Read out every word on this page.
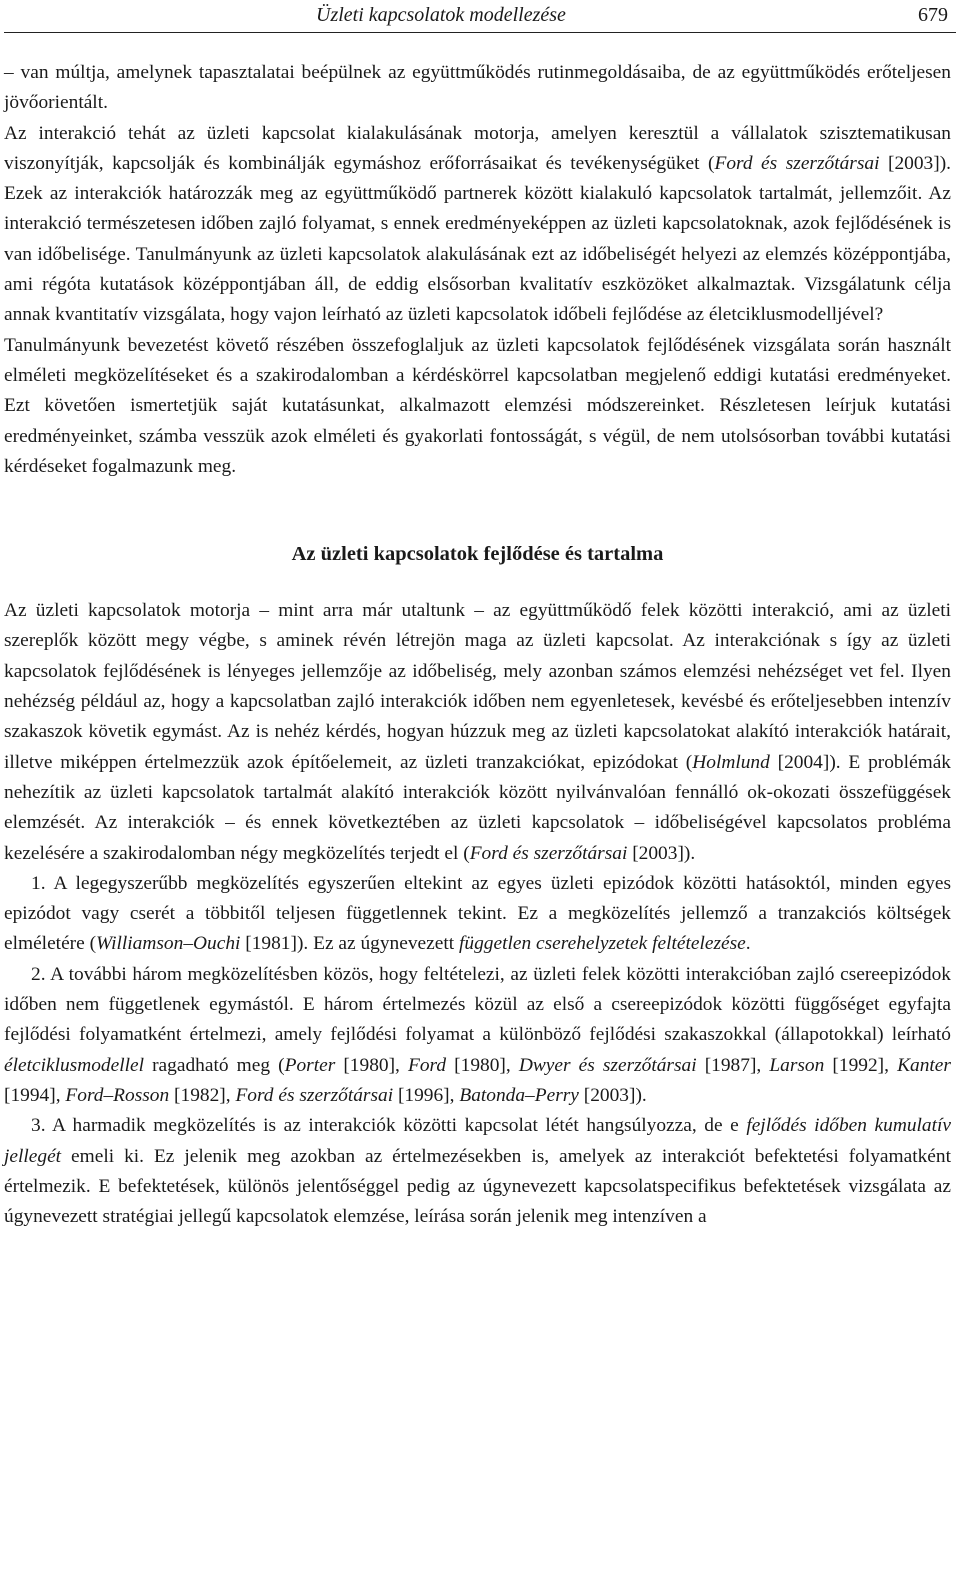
Üzleti kapcsolatok modellezése	679

– van múltja, amelynek tapasztalatai beépülnek az együttműködés rutinmegoldásaiba, de az együttműködés erőteljesen jövőorientált.

Az interakció tehát az üzleti kapcsolat kialakulásának motorja, amelyen keresztül a vállalatok szisztematikusan viszonyítják, kapcsolják és kombinálják egymáshoz erőforrásaikat és tevékenységüket (Ford és szerzőtársai [2003]). Ezek az interakciók határozzák meg az együttműködő partnerek között kialakuló kapcsolatok tartalmát, jellemzőit. Az interakció természetesen időben zajló folyamat, s ennek eredményeképpen az üzleti kapcsolatoknak, azok fejlődésének is van időbelisége. Tanulmányunk az üzleti kapcsolatok alakulásának ezt az időbeliségét helyezi az elemzés középpontjába, ami régóta kutatások középpontjában áll, de eddig elsősorban kvalitatív eszközöket alkalmaztak. Vizsgálatunk célja annak kvantitatív vizsgálata, hogy vajon leírható az üzleti kapcsolatok időbeli fejlődése az életciklusmodelljével?

Tanulmányunk bevezetést követő részében összefoglaljuk az üzleti kapcsolatok fejlődésének vizsgálata során használt elméleti megközelítéseket és a szakirodalomban a kérdéskörrel kapcsolatban megjelenő eddigi kutatási eredményeket. Ezt követően ismertetjük saját kutatásunkat, alkalmazott elemzési módszereinket. Részletesen leírjuk kutatási eredményeinket, számba vesszük azok elméleti és gyakorlati fontosságát, s végül, de nem utolsósorban további kutatási kérdéseket fogalmazunk meg.

Az üzleti kapcsolatok fejlődése és tartalma

Az üzleti kapcsolatok motorja – mint arra már utaltunk – az együttműködő felek közötti interakció, ami az üzleti szereplők között megy végbe, s aminek révén létrejön maga az üzleti kapcsolat. Az interakciónak s így az üzleti kapcsolatok fejlődésének is lényeges jellemzője az időbeliség, mely azonban számos elemzési nehézséget vet fel. Ilyen nehézség például az, hogy a kapcsolatban zajló interakciók időben nem egyenletesek, kevésbé és erőteljesebben intenzív szakaszok követik egymást. Az is nehéz kérdés, hogyan húzzuk meg az üzleti kapcsolatokat alakító interakciók határait, illetve miképpen értelmezzük azok építőelemeit, az üzleti tranzakciókat, epizódokat (Holmlund [2004]). E problémák nehezítik az üzleti kapcsolatok tartalmát alakító interakciók között nyilvánvalóan fennálló ok-okozati összefüggések elemzését. Az interakciók – és ennek következtében az üzleti kapcsolatok – időbeliségével kapcsolatos probléma kezelésére a szakirodalomban négy megközelítés terjedt el (Ford és szerzőtársai [2003]).

1. A legegyszerűbb megközelítés egyszerűen eltekint az egyes üzleti epizódok közötti hatásoktól, minden egyes epizódot vagy cserét a többitől teljesen függetlennek tekint. Ez a megközelítés jellemző a tranzakciós költségek elméletére (Williamson–Ouchi [1981]). Ez az úgynevezett független cserehelyzetek feltételezése.

2. A további három megközelítésben közös, hogy feltételezi, az üzleti felek közötti interakcióban zajló csereepizódok időben nem függetlenek egymástól. E három értelmezés közül az első a csereepizódok közötti függőséget egyfajta fejlődési folyamatként értelmezi, amely fejlődési folyamat a különböző fejlődési szakaszokkal (állapotokkal) leírható életciklusmodellel ragadható meg (Porter [1980], Ford [1980], Dwyer és szerzőtársai [1987], Larson [1992], Kanter [1994], Ford–Rosson [1982], Ford és szerzőtársai [1996], Batonda–Perry [2003]).

3. A harmadik megközelítés is az interakciók közötti kapcsolat létét hangsúlyozza, de e fejlődés időben kumulatív jellegét emeli ki. Ez jelenik meg azokban az értelmezésekben is, amelyek az interakciót befektetési folyamatként értelmezik. E befektetések, különös jelentőséggel pedig az úgynevezett kapcsolatspecifikus befektetések vizsgálata az úgynevezett stratégiai jellegű kapcsolatok elemzése, leírása során jelenik meg intenzíven a
